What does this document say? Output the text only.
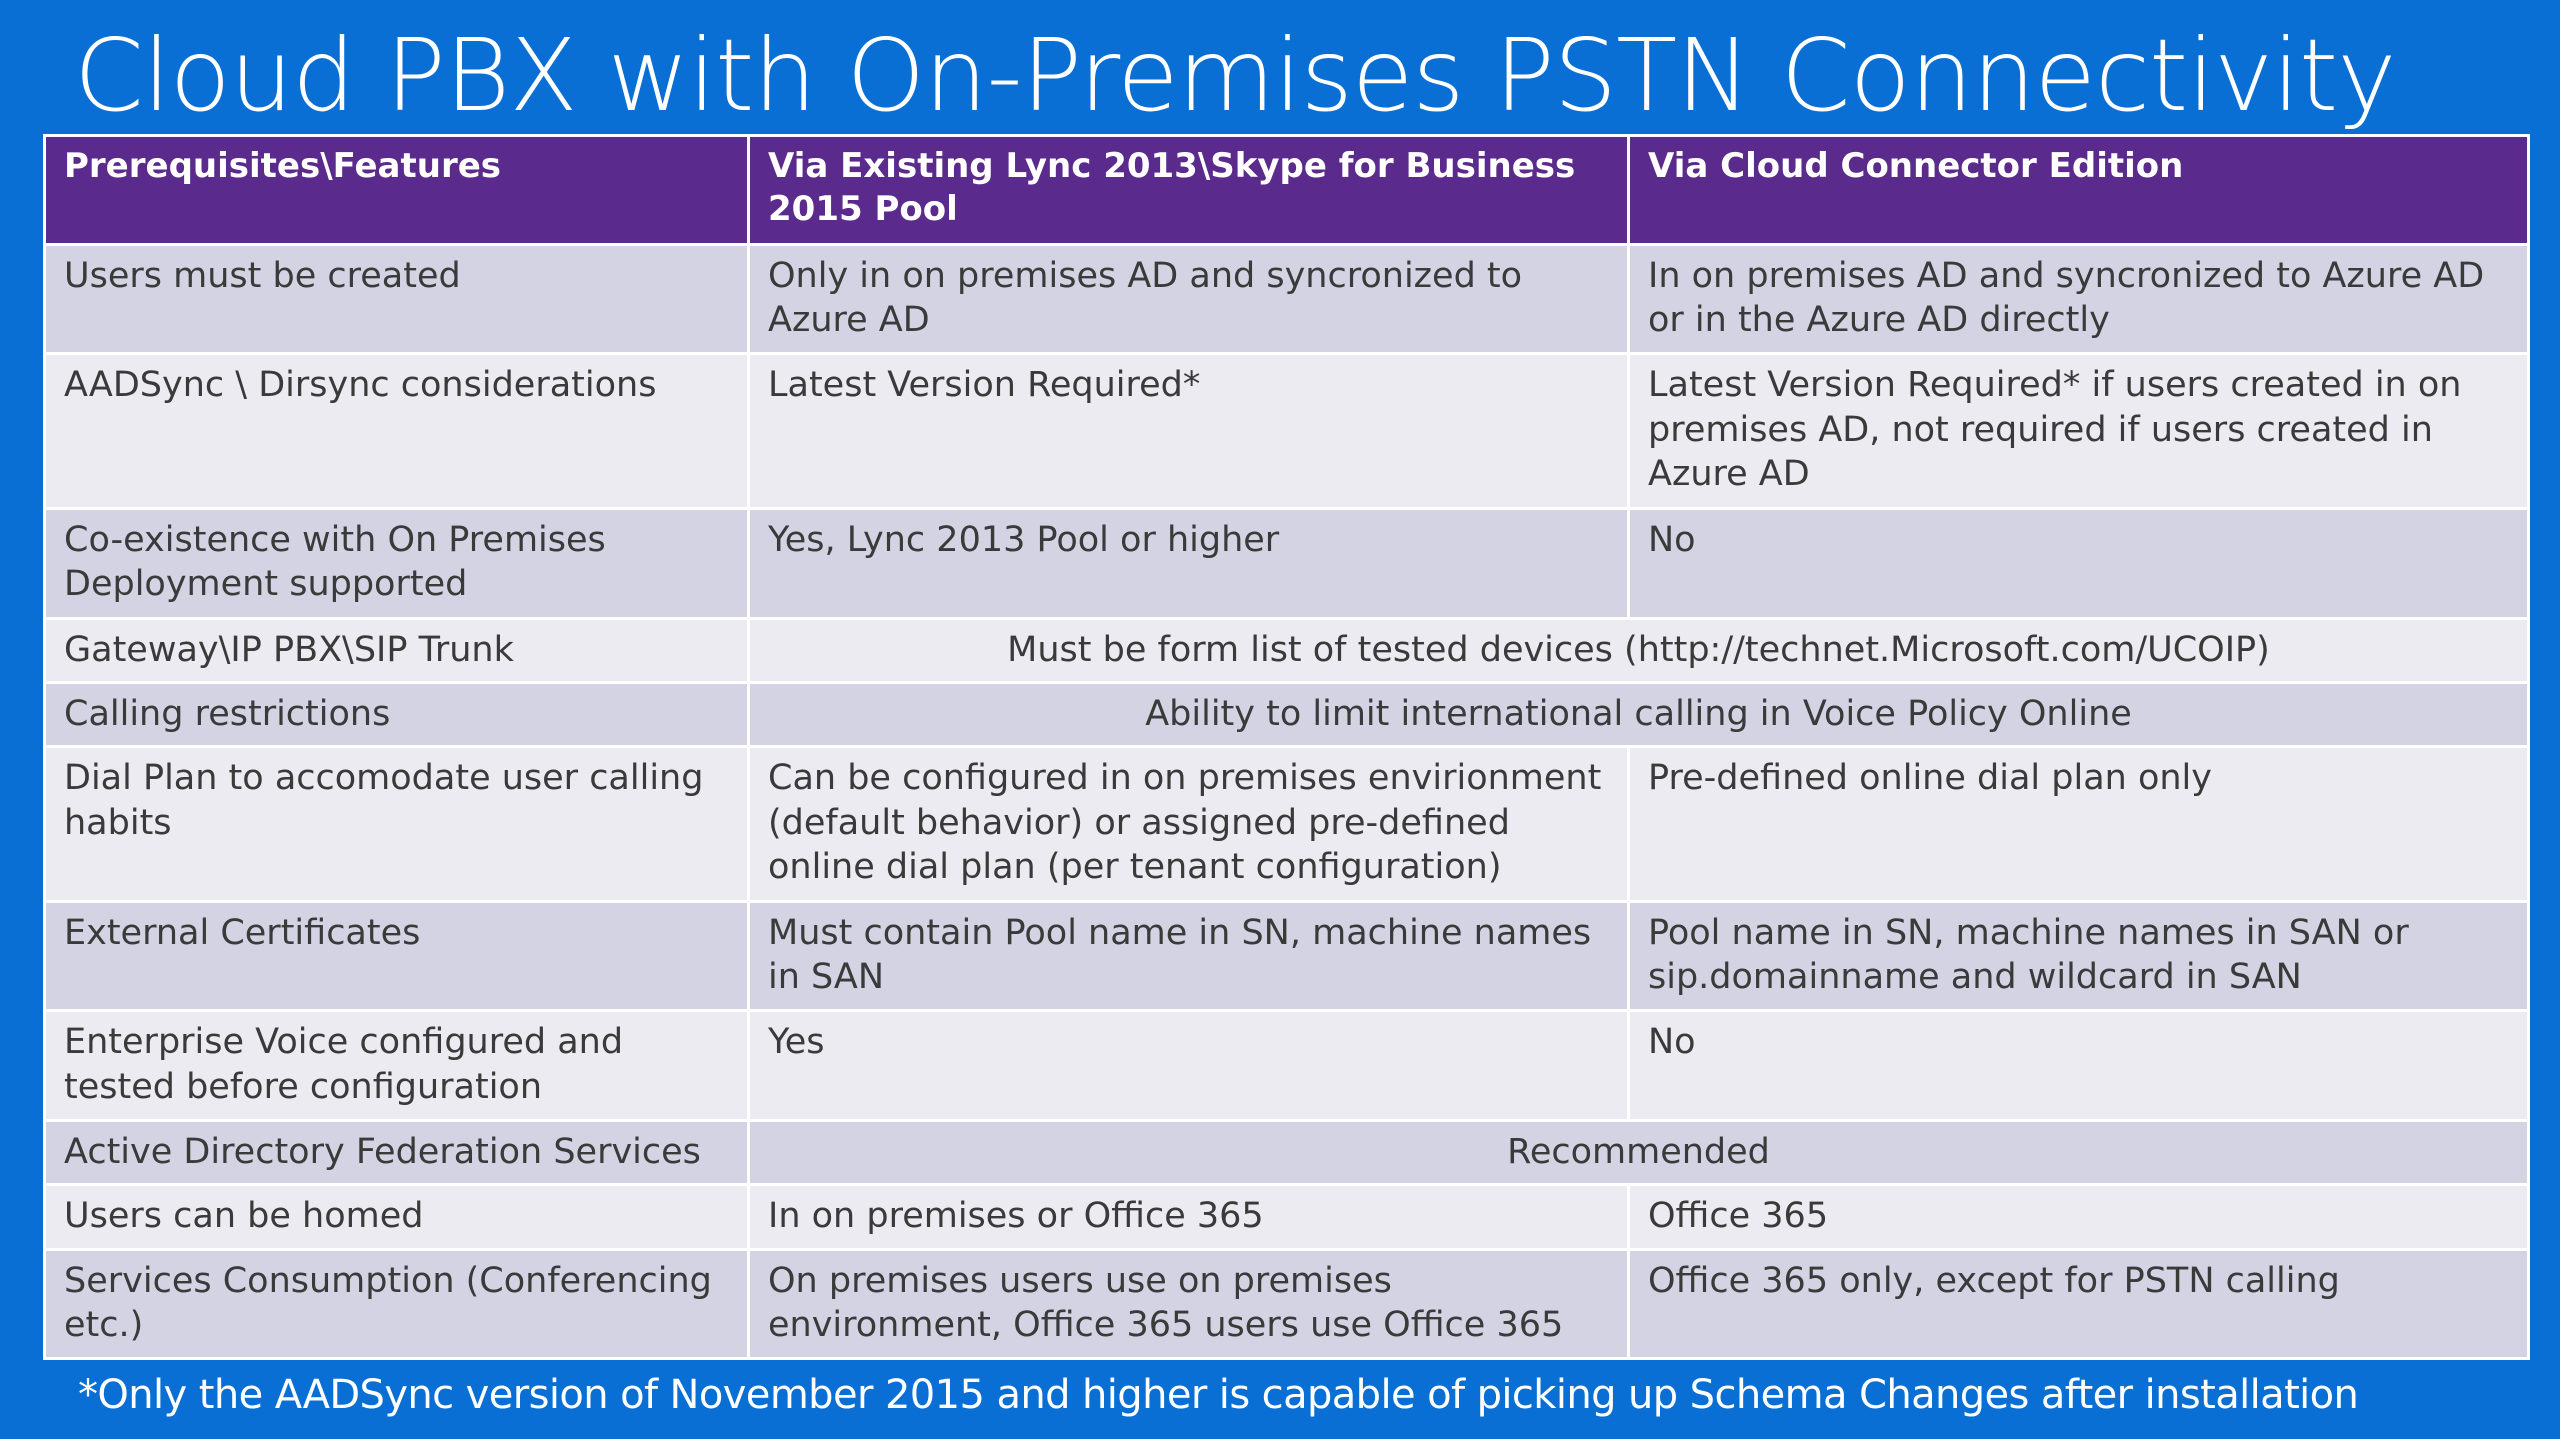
Cloud PBX with On-Premises PSTN Connectivity
Prerequisites\Features	Via Existing Lync 2013\Skype for Business 2015 Pool	Via Cloud Connector Edition
Users must be created	Only in on premises AD and syncronized to Azure AD	In on premises AD and syncronized to Azure AD or in the Azure AD directly
AADSync \ Dirsync considerations	Latest Version Required*	Latest Version Required* if users created in on premises AD, not required if users created in Azure AD
Co-existence with On Premises Deployment supported	Yes, Lync 2013 Pool or higher	No
Gateway\IP PBX\SIP Trunk	Must be form list of tested devices (http://technet.Microsoft.com/UCOIP)	
Calling restrictions	Ability to limit international calling in Voice Policy Online	
Dial Plan to accomodate user calling habits	Can be configured in on premises envirionment (default behavior) or assigned pre-defined online dial plan (per tenant configuration)	Pre-defined online dial plan only
External Certificates	Must contain Pool name in SN, machine names in SAN	Pool name in SN, machine names in SAN or sip.domainname and wildcard in SAN
Enterprise Voice configured and tested before configuration	Yes	No
Active Directory Federation Services	Recommended	
Users can be homed	In on premises or Office 365	Office 365
Services Consumption (Conferencing etc.)	On premises users use on premises environment, Office 365 users use Office 365	Office 365 only, except for PSTN calling
*Only the AADSync version of November 2015 and higher is capable of picking up Schema Changes after installation
